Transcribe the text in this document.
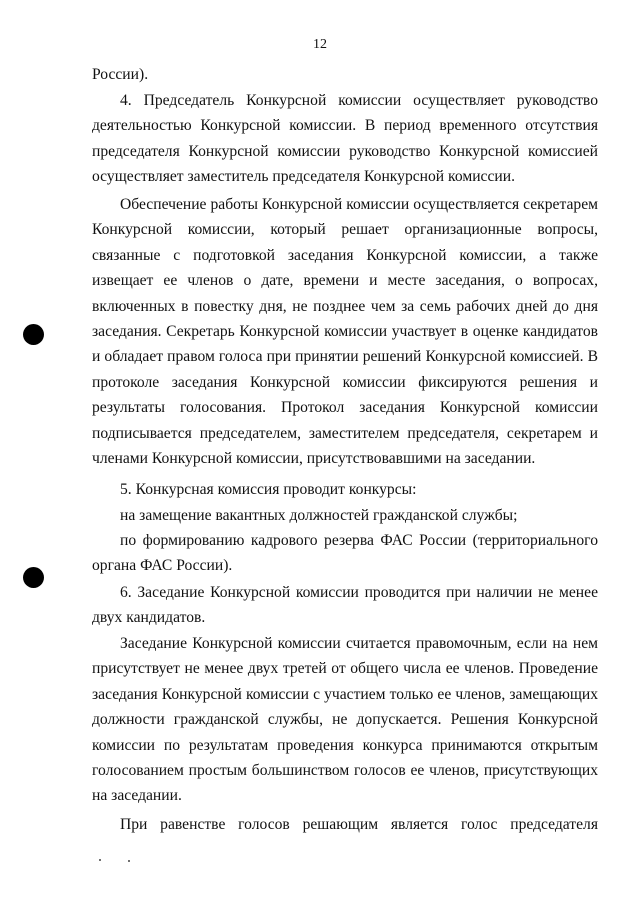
12

России).

4. Председатель Конкурсной комиссии осуществляет руководство деятельностью Конкурсной комиссии. В период временного отсутствия председателя Конкурсной комиссии руководство Конкурсной комиссией осуществляет заместитель председателя Конкурсной комиссии.

Обеспечение работы Конкурсной комиссии осуществляется секретарем Конкурсной комиссии, который решает организационные вопросы, связанные с подготовкой заседания Конкурсной комиссии, а также извещает ее членов о дате, времени и месте заседания, о вопросах, включенных в повестку дня, не позднее чем за семь рабочих дней до дня заседания. Секретарь Конкурсной комиссии участвует в оценке кандидатов и обладает правом голоса при принятии решений Конкурсной комиссией. В протоколе заседания Конкурсной комиссии фиксируются решения и результаты голосования. Протокол заседания Конкурсной комиссии подписывается председателем, заместителем председателя, секретарем и членами Конкурсной комиссии, присутствовавшими на заседании.

5. Конкурсная комиссия проводит конкурсы:

на замещение вакантных должностей гражданской службы;

по формированию кадрового резерва ФАС России (территориального органа ФАС России).

6. Заседание Конкурсной комиссии проводится при наличии не менее двух кандидатов.

Заседание Конкурсной комиссии считается правомочным, если на нем присутствует не менее двух третей от общего числа ее членов. Проведение заседания Конкурсной комиссии с участием только ее членов, замещающих должности гражданской службы, не допускается. Решения Конкурсной комиссии по результатам проведения конкурса принимаются открытым голосованием простым большинством голосов ее членов, присутствующих на заседании.

При равенстве голосов решающим является голос председателя
